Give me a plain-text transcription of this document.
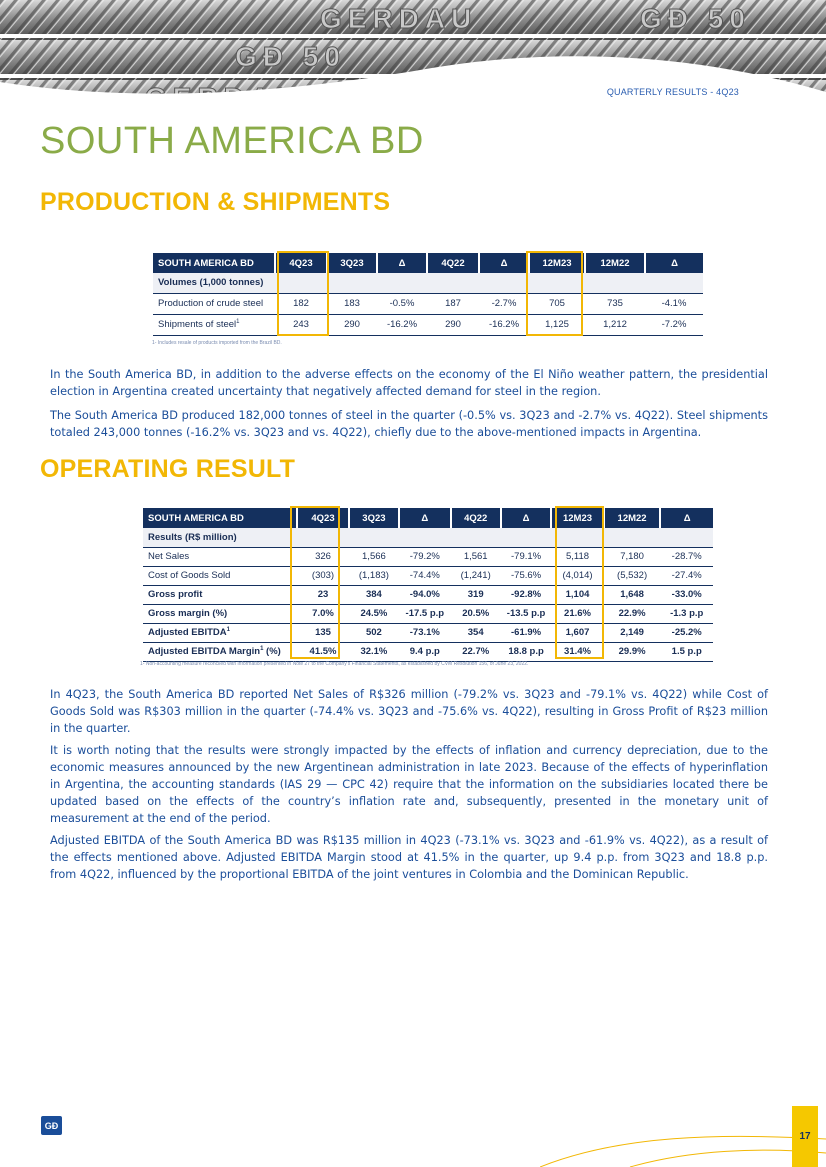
GERDAU	GÐ 50
GÐ 50
QUARTERLY RESULTS - 4Q23
SOUTH AMERICA BD
PRODUCTION & SHIPMENTS
SOUTH AMERICA BD	4Q23	3Q23	Δ	4Q22	Δ	12M23	12M22	Δ
Volumes (1,000 tonnes)								
Production of crude steel	182	183	-0.5%	187	-2.7%	705	735	-4.1%
Shipments of steel$^1$	243	290	-16.2%	290	-16.2%	1,125	1,212	-7.2%
1- Includes resale of products imported from the Brazil BD.

In the South America BD, in addition to the adverse effects on the economy of the El Niño weather pattern, the presidential election in Argentina created uncertainty that negatively affected demand for steel in the region.

The South America BD produced 182,000 tonnes of steel in the quarter (-0.5% vs. 3Q23 and -2.7% vs. 4Q22). Steel shipments totaled 243,000 tonnes (-16.2% vs. 3Q23 and vs. 4Q22), chiefly due to the above-mentioned impacts in Argentina.

OPERATING RESULT
SOUTH AMERICA BD	4Q23	3Q23	Δ	4Q22	Δ	12M23	12M22	Δ
Results (R$ million)								
Net Sales	326	1,566	-79.2%	1,561	-79.1%	5,118	7,180	-28.7%
Cost of Goods Sold	(303)	(1,183)	-74.4%	(1,241)	-75.6%	(4,014)	(5,532)	-27.4%
Gross profit	23	384	-94.0%	319	-92.8%	1,104	1,648	-33.0%
Gross margin (%)	7.0%	24.5%	-17.5 p.p	20.5%	-13.5 p.p	21.6%	22.9%	-1.3 p.p
Adjusted EBITDA$^1$	135	502	-73.1%	354	-61.9%	1,607	2,149	-25.2%
Adjusted EBITDA Margin$^1$ (%)	41.5%	32.1%	9.4 p.p	22.7%	18.8 p.p	31.4%	29.9%	1.5 p.p
1- Non-accounting measure reconciled with information presented in Note 27 to the Company's Financial Statements, as established by CVM Resolution 156, of June 23, 2022.

In 4Q23, the South America BD reported Net Sales of R$326 million (-79.2% vs. 3Q23 and -79.1% vs. 4Q22) while Cost of Goods Sold was R$303 million in the quarter (-74.4% vs. 3Q23 and -75.6% vs. 4Q22), resulting in Gross Profit of R$23 million in the quarter.

It is worth noting that the results were strongly impacted by the effects of inflation and currency depreciation, due to the economic measures announced by the new Argentinean administration in late 2023. Because of the effects of hyperinflation in Argentina, the accounting standards (IAS 29 — CPC 42) require that the information on the subsidiaries located there be updated based on the effects of the country’s inflation rate and, subsequently, presented in the monetary unit of measurement at the end of the period.

Adjusted EBITDA of the South America BD was R$135 million in 4Q23 (-73.1% vs. 3Q23 and -61.9% vs. 4Q22), as a result of the effects mentioned above. Adjusted EBITDA Margin stood at 41.5% in the quarter, up 9.4 p.p. from 3Q23 and 18.8 p.p. from 4Q22, influenced by the proportional EBITDA of the joint ventures in Colombia and the Dominican Republic.

GÐ
17
